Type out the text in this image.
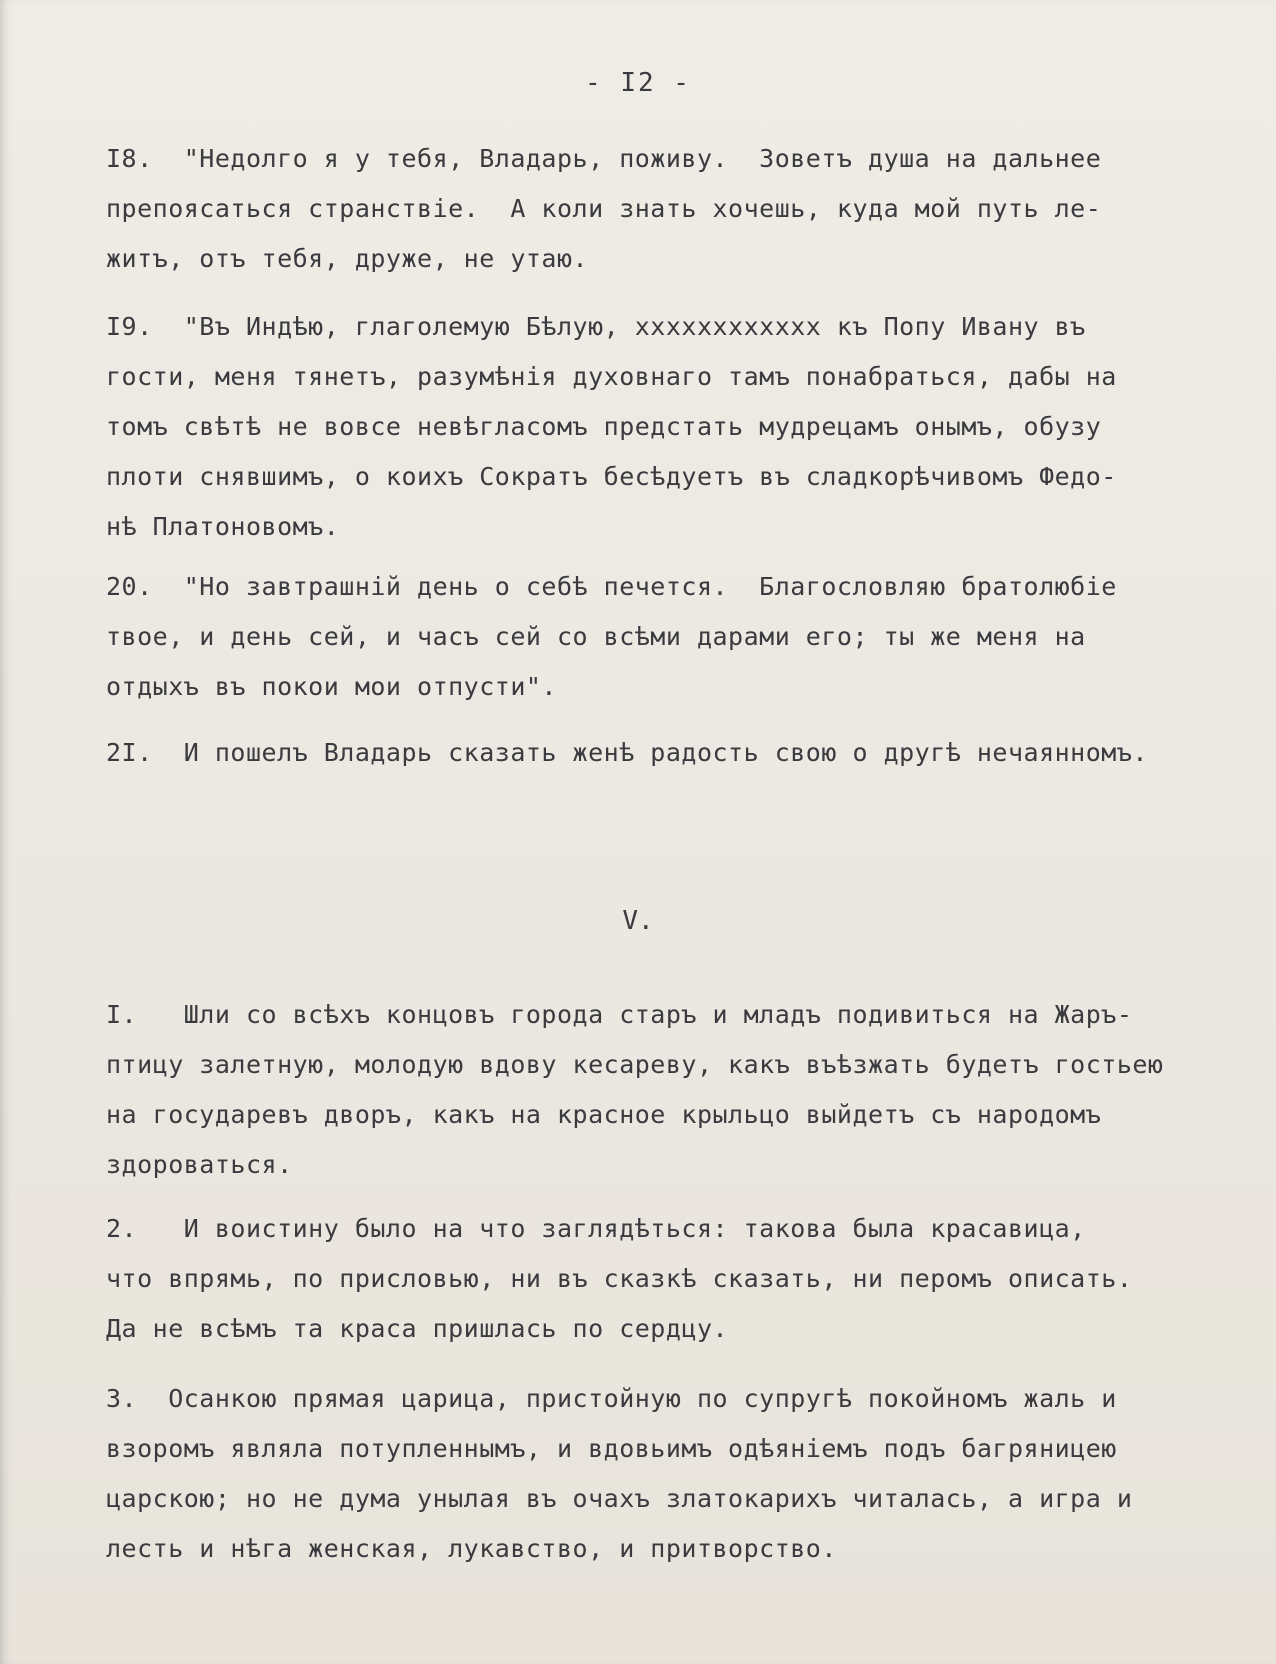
- I2 -
I8.  "Недолго я у тебя, Владарь, поживу.  Зоветъ душа на дальнее
препоясаться странствіе.  А коли знать хочешь, куда мой путь ле-
житъ, отъ тебя, друже, не утаю.
I9.  "Въ Индѣю, глаголемую Бѣлую, xxxxxxxxxxxx къ Попу Ивану въ
гости, меня тянетъ, разумѣнія духовнаго тамъ понабраться, дабы на
томъ свѣтѣ не вовсе невѣгласомъ предстать мудрецамъ онымъ, обузу
плоти снявшимъ, о коихъ Сократъ бесѣдуетъ въ сладкорѣчивомъ Федо-
нѣ Платоновомъ.
20.  "Но завтрашній день о себѣ печется.  Благословляю братолюбіе
твое, и день сей, и часъ сей со всѣми дарами его; ты же меня на
отдыхъ въ покои мои отпусти".
2I.  И пошелъ Владарь сказать женѣ радость свою о другѣ нечаянномъ.
V.
I.   Шли со всѣхъ концовъ города старъ и младъ подивиться на Жаръ-
птицу залетную, молодую вдову кесареву, какъ въѣзжать будетъ гостьею
на государевъ дворъ, какъ на красное крыльцо выйдетъ съ народомъ
здороваться.
2.   И воистину было на что заглядѣться: такова была красавица,
что впрямь, по присловью, ни въ сказкѣ сказать, ни перомъ описать.
Да не всѣмъ та краса пришлась по сердцу.
3.  Осанкою прямая царица, пристойную по супругѣ покойномъ жаль и
взоромъ являла потупленнымъ, и вдовьимъ одѣяніемъ подъ багряницею
царскою; но не дума унылая въ очахъ златокарихъ читалась, а игра и
лесть и нѣга женская, лукавство, и притворство.
